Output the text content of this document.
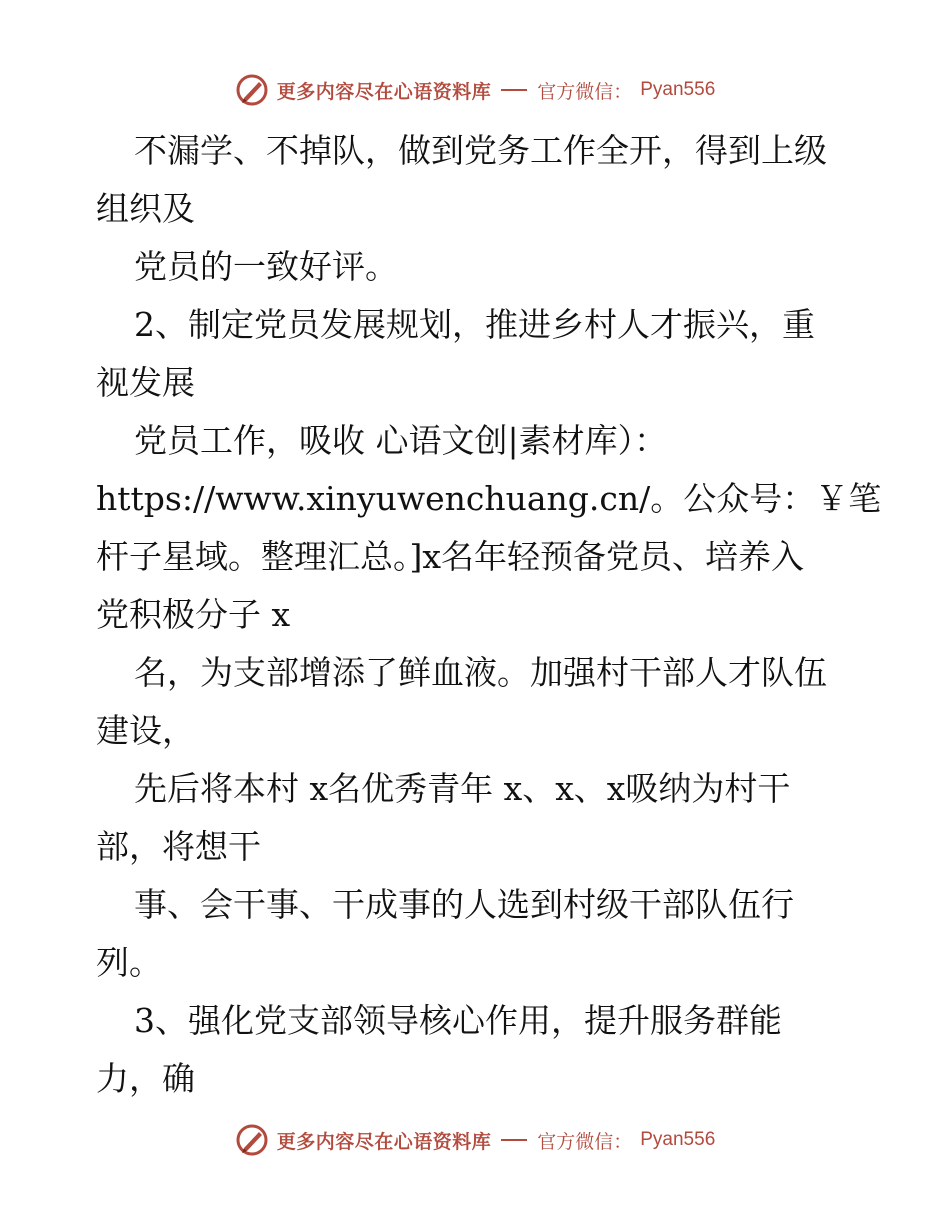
更多内容尽在心语资料库 官方微信： Pyan556
不漏学、不掉队，做到党务工作全开，得到上级
组织及
党员的一致好评。
2、制定党员发展规划，推进乡村人才振兴，重
视发展
党员工作，吸收 心语文创|素材库）：
https://www.xinyuwenchuang.cn/。公众号：￥笔
杆子星域。整理汇总。]x名年轻预备党员、培养入
党积极分子 x
名，为支部增添了鲜血液。加强村干部人才队伍
建设，
先后将本村 x名优秀青年 x、x、x吸纳为村干
部，将想干
事、会干事、干成事的人选到村级干部队伍行
列。
3、强化党支部领导核心作用，提升服务群能
力，确
更多内容尽在心语资料库 官方微信： Pyan556
